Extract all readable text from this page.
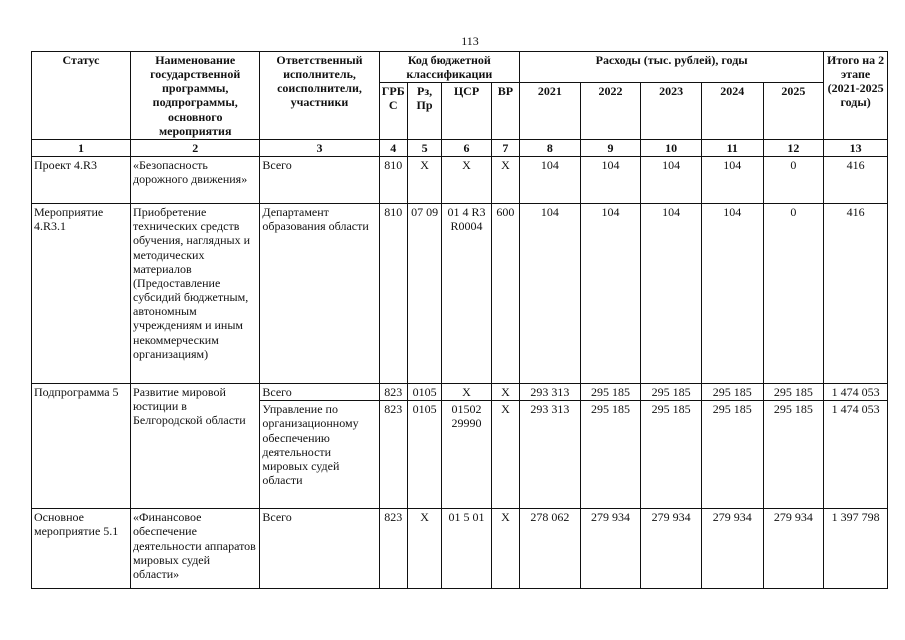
113
Статус	Наименование государственной программы, подпрограммы, основного мероприятия	Ответственный исполнитель, соисполнители, участники	Код бюджетной классификации				Расходы (тыс. рублей), годы					Итого на 2 этапе (2021-2025 годы)
			ГРБС	Рз, Пр	ЦСР	ВР	2021	2022	2023	2024	2025	
1	2	3	4	5	6	7	8	9	10	11	12	13
Проект 4.R3	«Безопасность дорожного движения»	Всего	810	X	X	X	104	104	104	104	0	416
Мероприятие 4.R3.1	Приобретение технических средств обучения, наглядных и методических материалов (Предоставление субсидий бюджетным, автономным учреждениям и иным некоммерческим организациям)	Департамент образования области	810	07 09	01 4 R3 R0004	600	104	104	104	104	0	416
Подпрограмма 5	Развитие мировой юстиции в Белгородской области	Всего	823	0105	X	X	293 313	295 185	295 185	295 185	295 185	1 474 053
		Управление по организационному обеспечению деятельности мировых судей области	823	0105	01502 29990	X	293 313	295 185	295 185	295 185	295 185	1 474 053
Основное мероприятие 5.1	«Финансовое обеспечение деятельности аппаратов мировых судей области»	Всего	823	X	01 5 01	X	278 062	279 934	279 934	279 934	279 934	1 397 798
